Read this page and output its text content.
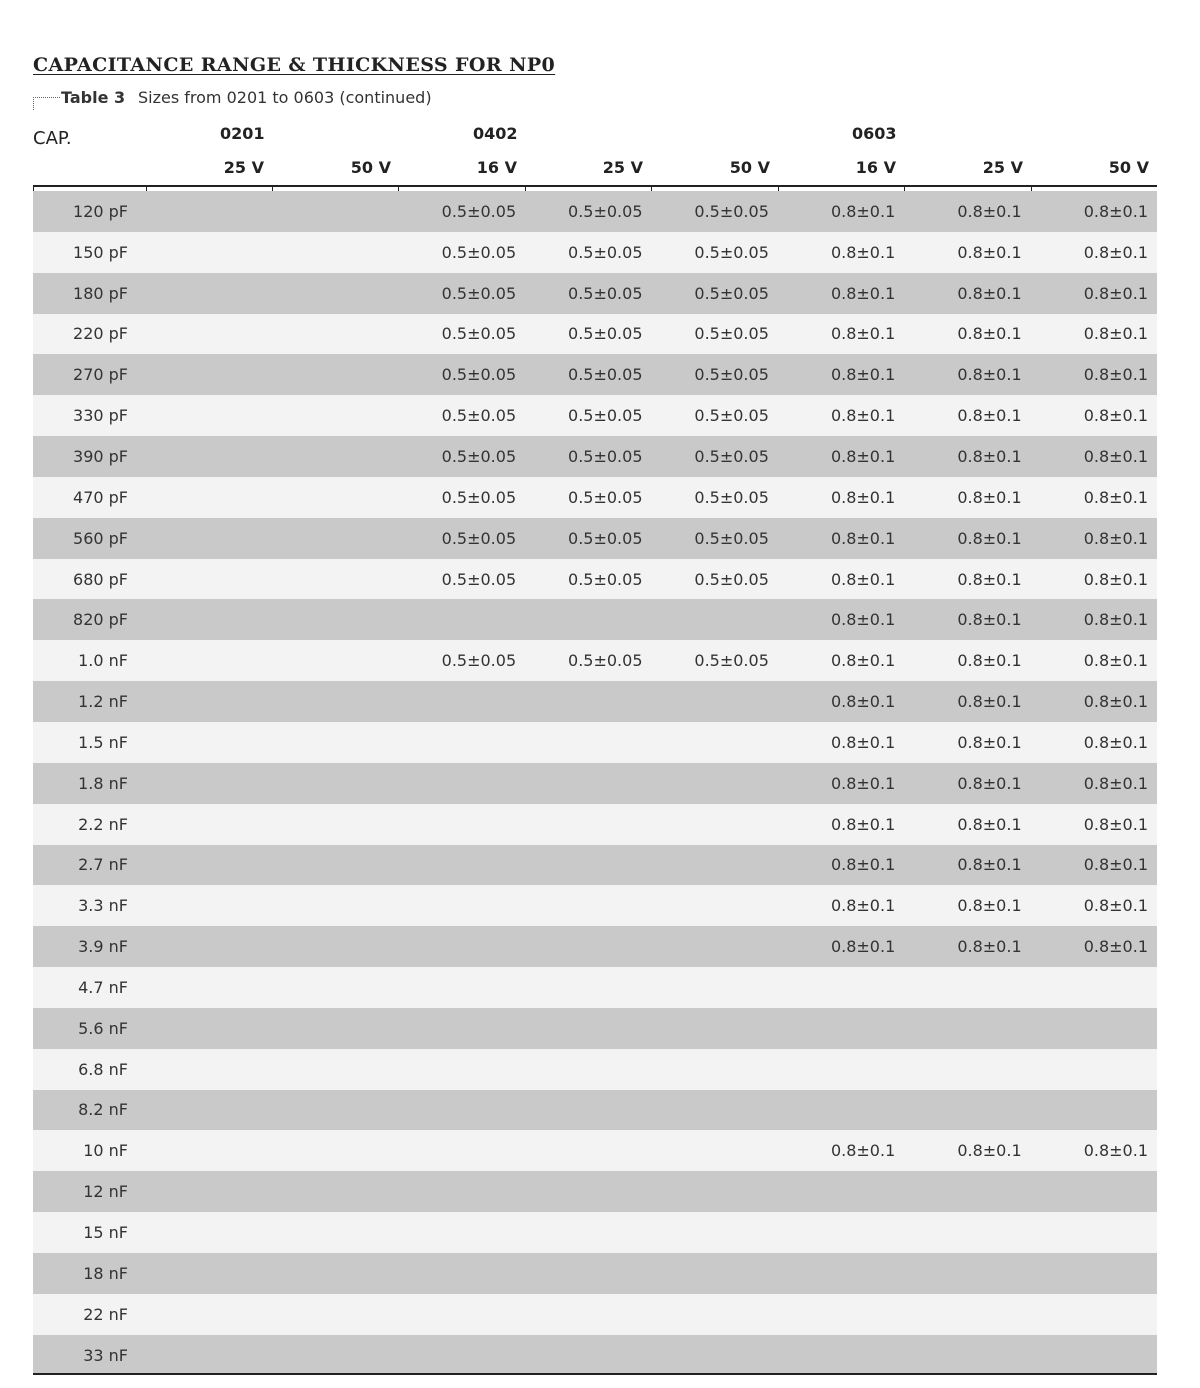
CAPACITANCE RANGE & THICKNESS FOR NP0
Table 3 Sizes from 0201 to 0603 (continued)
CAP.	0201	0402	0603
25 V	50 V	16 V	25 V	50 V	16 V	25 V	50 V
120 pF			0.5±0.05	0.5±0.05	0.5±0.05	0.8±0.1	0.8±0.1	0.8±0.1
150 pF			0.5±0.05	0.5±0.05	0.5±0.05	0.8±0.1	0.8±0.1	0.8±0.1
180 pF			0.5±0.05	0.5±0.05	0.5±0.05	0.8±0.1	0.8±0.1	0.8±0.1
220 pF			0.5±0.05	0.5±0.05	0.5±0.05	0.8±0.1	0.8±0.1	0.8±0.1
270 pF			0.5±0.05	0.5±0.05	0.5±0.05	0.8±0.1	0.8±0.1	0.8±0.1
330 pF			0.5±0.05	0.5±0.05	0.5±0.05	0.8±0.1	0.8±0.1	0.8±0.1
390 pF			0.5±0.05	0.5±0.05	0.5±0.05	0.8±0.1	0.8±0.1	0.8±0.1
470 pF			0.5±0.05	0.5±0.05	0.5±0.05	0.8±0.1	0.8±0.1	0.8±0.1
560 pF			0.5±0.05	0.5±0.05	0.5±0.05	0.8±0.1	0.8±0.1	0.8±0.1
680 pF			0.5±0.05	0.5±0.05	0.5±0.05	0.8±0.1	0.8±0.1	0.8±0.1
820 pF						0.8±0.1	0.8±0.1	0.8±0.1
1.0 nF			0.5±0.05	0.5±0.05	0.5±0.05	0.8±0.1	0.8±0.1	0.8±0.1
1.2 nF						0.8±0.1	0.8±0.1	0.8±0.1
1.5 nF						0.8±0.1	0.8±0.1	0.8±0.1
1.8 nF						0.8±0.1	0.8±0.1	0.8±0.1
2.2 nF						0.8±0.1	0.8±0.1	0.8±0.1
2.7 nF						0.8±0.1	0.8±0.1	0.8±0.1
3.3 nF						0.8±0.1	0.8±0.1	0.8±0.1
3.9 nF						0.8±0.1	0.8±0.1	0.8±0.1
4.7 nF								
5.6 nF								
6.8 nF								
8.2 nF								
10 nF						0.8±0.1	0.8±0.1	0.8±0.1
12 nF								
15 nF								
18 nF								
22 nF								
33 nF								
